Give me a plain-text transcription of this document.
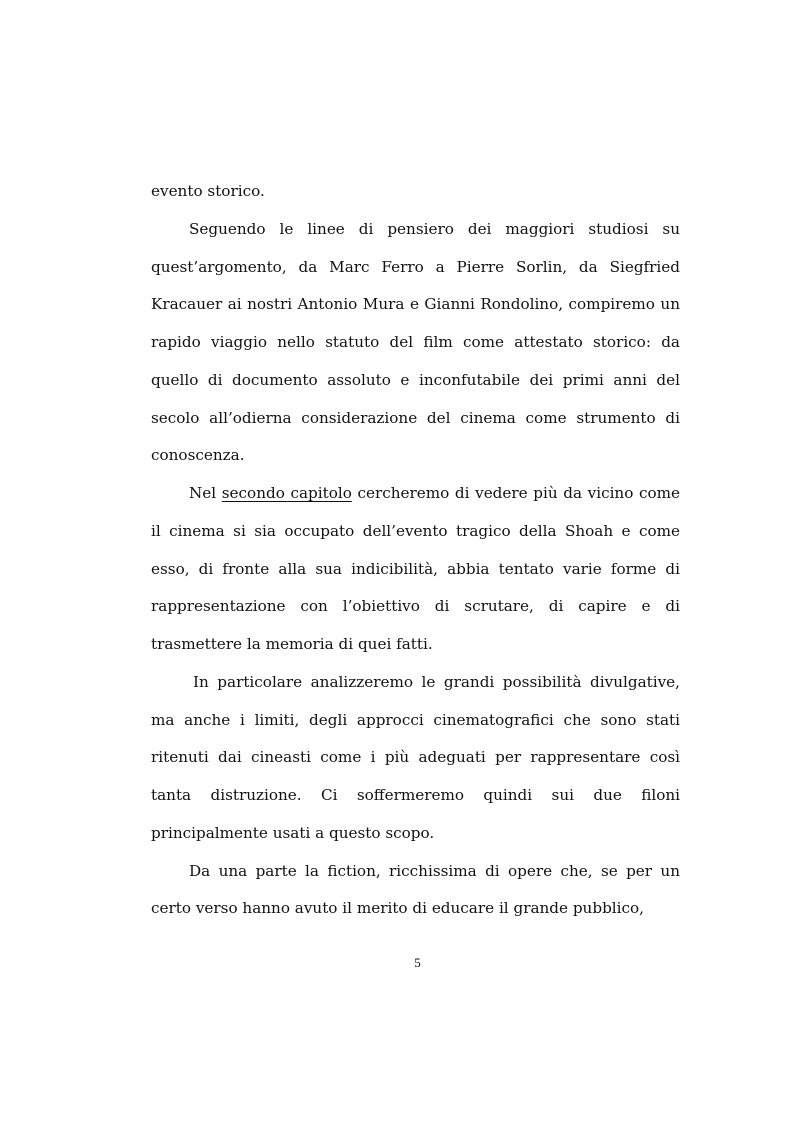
evento storico.

Seguendo le linee di pensiero dei maggiori studiosi su quest’argomento, da Marc Ferro a Pierre Sorlin, da Siegfried Kracauer ai nostri Antonio Mura e Gianni Rondolino, compiremo un rapido viaggio nello statuto del film come attestato storico: da quello di documento assoluto e inconfutabile dei primi anni del secolo all’odierna considerazione del cinema come strumento di conoscenza.

Nel secondo capitolo cercheremo di vedere più da vicino come il cinema si sia occupato dell’evento tragico della Shoah e come esso, di fronte alla sua indicibilità, abbia tentato varie forme di rappresentazione con l’obiettivo di scrutare, di capire e di trasmettere la memoria di quei fatti.

In particolare analizzeremo le grandi possibilità divulgative, ma anche i limiti, degli approcci cinematografici che sono stati ritenuti dai cineasti come i più adeguati per rappresentare così tanta distruzione. Ci soffermeremo quindi sui due filoni principalmente usati a questo scopo.

Da una parte la fiction, ricchissima di opere che, se per un certo verso hanno avuto il merito di educare il grande pubblico,

5
